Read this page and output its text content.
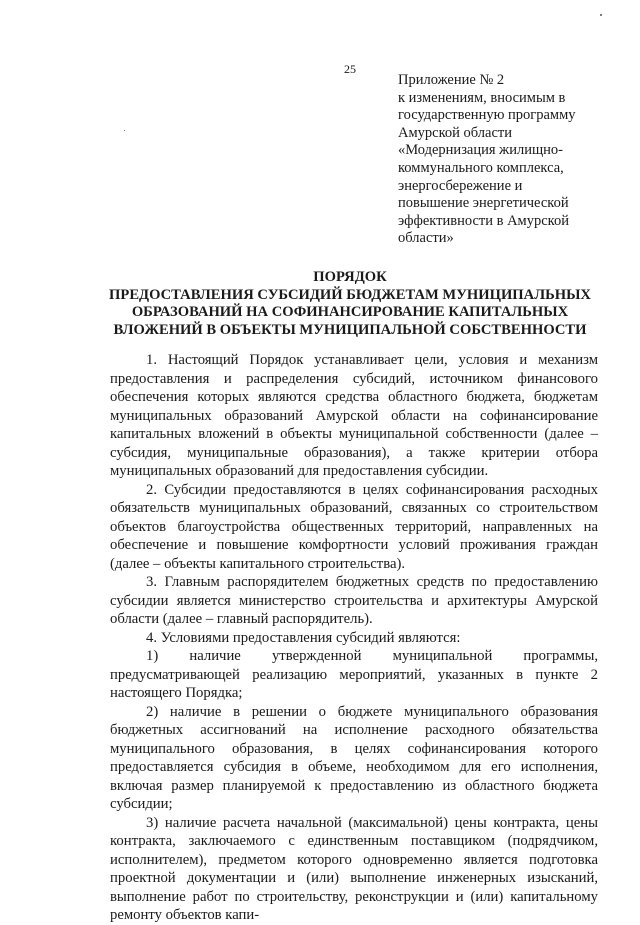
25
Приложение № 2
к изменениям, вносимым в
государственную программу
Амурской области
«Модернизация жилищно-
коммунального комплекса,
энергосбережение и
повышение энергетической
эффективности в Амурской
области»
ПОРЯДОК
ПРЕДОСТАВЛЕНИЯ СУБСИДИЙ БЮДЖЕТАМ МУНИЦИПАЛЬНЫХ
ОБРАЗОВАНИЙ НА СОФИНАНСИРОВАНИЕ КАПИТАЛЬНЫХ
ВЛОЖЕНИЙ В ОБЪЕКТЫ МУНИЦИПАЛЬНОЙ СОБСТВЕННОСТИ

1. Настоящий Порядок устанавливает цели, условия и механизм предоставления и распределения субсидий, источником финансового обеспечения которых являются средства областного бюджета, бюджетам муниципальных образований Амурской области на софинансирование капитальных вложений в объекты муниципальной собственности (далее – субсидия, муниципальные образования), а также критерии отбора муниципальных образований для предоставления субсидии.

2. Субсидии предоставляются в целях софинансирования расходных обязательств муниципальных образований, связанных со строительством объектов благоустройства общественных территорий, направленных на обеспечение и повышение комфортности условий проживания граждан (далее – объекты капитального строительства).

3. Главным распорядителем бюджетных средств по предоставлению субсидии является министерство строительства и архитектуры Амурской области (далее – главный распорядитель).

4. Условиями предоставления субсидий являются:

1) наличие утвержденной муниципальной программы, предусматривающей реализацию мероприятий, указанных в пункте 2 настоящего Порядка;

2) наличие в решении о бюджете муниципального образования бюджетных ассигнований на исполнение расходного обязательства муниципального образования, в целях софинансирования которого предоставляется субсидия в объеме, необходимом для его исполнения, включая размер планируемой к предоставлению из областного бюджета субсидии;

3) наличие расчета начальной (максимальной) цены контракта, цены контракта, заключаемого с единственным поставщиком (подрядчиком, исполнителем), предметом которого одновременно является подготовка проектной документации и (или) выполнение инженерных изысканий, выполнение работ по строительству, реконструкции и (или) капитальному ремонту объектов капи-
